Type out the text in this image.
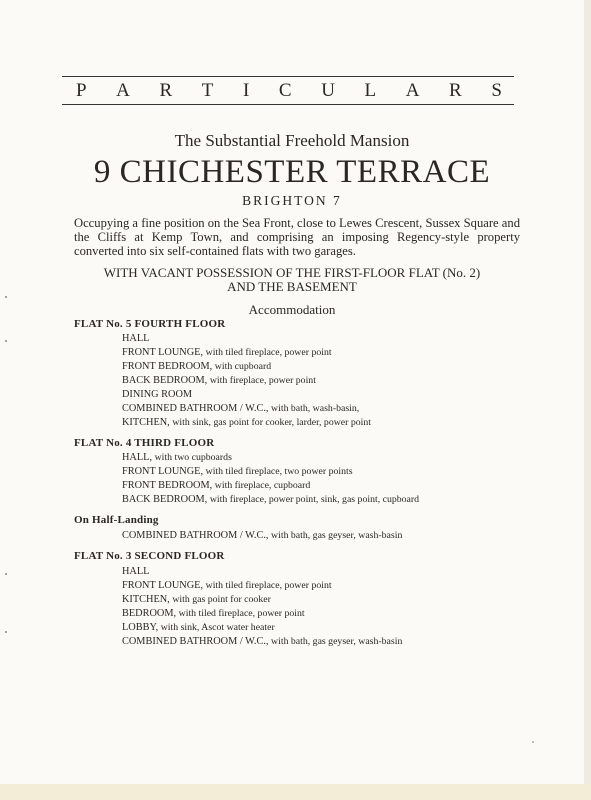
P A R T I C U L A R S
The Substantial Freehold Mansion
9 CHICHESTER TERRACE
BRIGHTON 7
Occupying a fine position on the Sea Front, close to Lewes Crescent, Sussex Square and the Cliffs at Kemp Town, and comprising an imposing Regency-style property converted into six self-contained flats with two garages.
WITH VACANT POSSESSION OF THE FIRST-FLOOR FLAT (No. 2)
AND THE BASEMENT
Accommodation
FLAT No. 5 FOURTH FLOOR
HALL
FRONT LOUNGE, with tiled fireplace, power point
FRONT BEDROOM, with cupboard
BACK BEDROOM, with fireplace, power point
DINING ROOM
COMBINED BATHROOM / W.C., with bath, wash-basin,
KITCHEN, with sink, gas point for cooker, larder, power point
FLAT No. 4 THIRD FLOOR
HALL, with two cupboards
FRONT LOUNGE, with tiled fireplace, two power points
FRONT BEDROOM, with fireplace, cupboard
BACK BEDROOM, with fireplace, power point, sink, gas point, cupboard
On Half-Landing
COMBINED BATHROOM / W.C., with bath, gas geyser, wash-basin
FLAT No. 3 SECOND FLOOR
HALL
FRONT LOUNGE, with tiled fireplace, power point
KITCHEN, with gas point for cooker
BEDROOM, with tiled fireplace, power point
LOBBY, with sink, Ascot water heater
COMBINED BATHROOM / W.C., with bath, gas geyser, wash-basin
